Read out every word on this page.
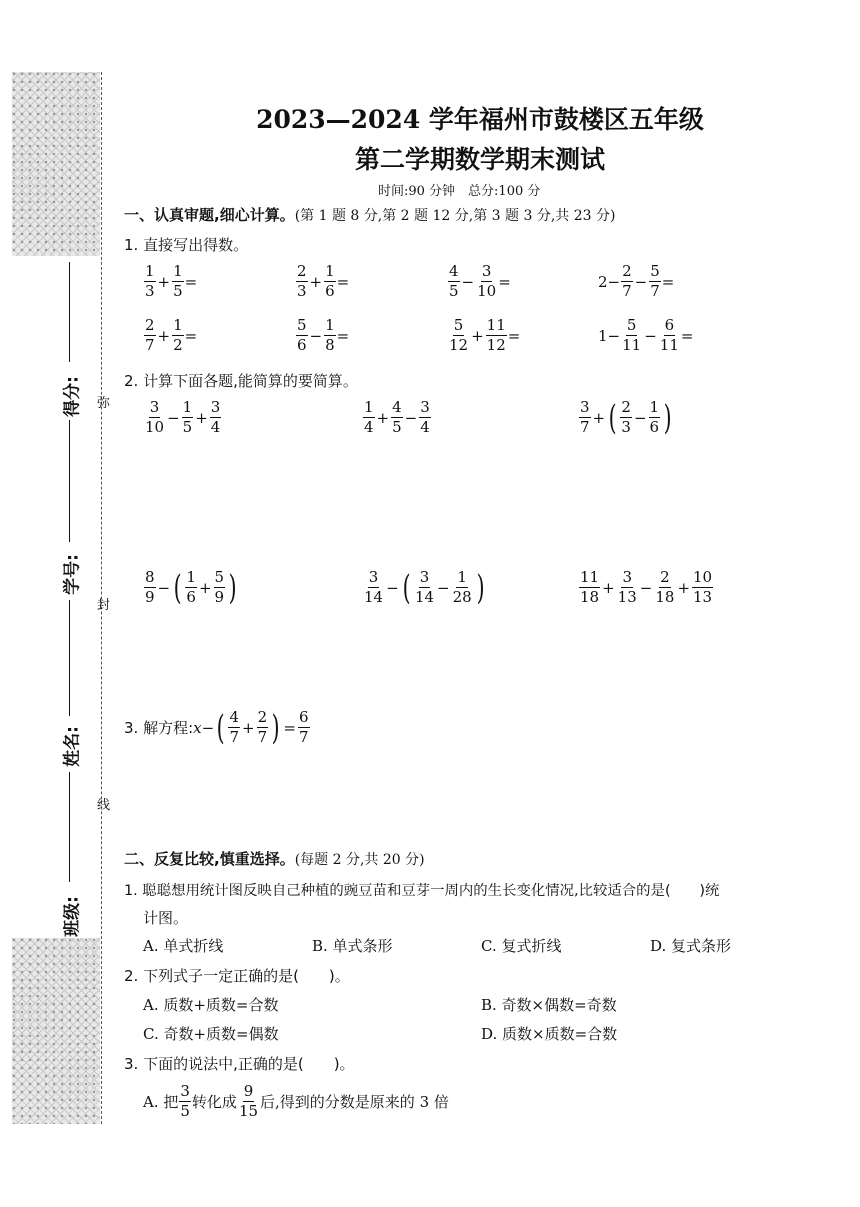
得分:
学号:
姓名:
班级:
弥
封
线
2023—2024 学年福州市鼓楼区五年级
第二学期数学期末测试
时间:90 分钟　总分:100 分
一、认真审题,细心计算。(第 1 题 8 分,第 2 题 12 分,第 3 题 3 分,共 23 分)
1. 直接写出得数。
$\frac{1}{3} + \frac{1}{5}$ =	$\frac{2}{3} + \frac{1}{6}$ =	$\frac{4}{5} - \frac{3}{10}$ =	$2- \frac{2}{7} - \frac{5}{7}$ =
$\frac{2}{7} + \frac{1}{2}$ =	$\frac{5}{6} - \frac{1}{8}$ =	$\frac{5}{12} + \frac{11}{12}$ =	$1- \frac{5}{11} - \frac{6}{11}$ =
2. 计算下面各题,能简算的要简算。
$\frac{3}{10} - \frac{1}{5} + \frac{3}{4}$	$\frac{1}{4} + \frac{4}{5} - \frac{3}{4}$	$\frac{3}{7}$ + ( $\frac{2}{3} - \frac{1}{6}$ )
$\frac{8}{9}$ − ( $\frac{1}{6} + \frac{5}{9}$ )	$\frac{3}{14}$ − ( $\frac{3}{14} - \frac{1}{28}$ )	$\frac{11}{18} + \frac{3}{13} - \frac{2}{18} + \frac{10}{13}$
3. 解方程: x− ( $\frac{4}{7} + \frac{2}{7}$ ) = $\frac{6}{7}$
二、反复比较,慎重选择。(每题 2 分,共 20 分)
1. 聪聪想用统计图反映自己种植的豌豆苗和豆芽一周内的生长变化情况,比较适合的是(　　)统
计图。
A. 单式折线	B. 单式条形	C. 复式折线	D. 复式条形
2. 下列式子一定正确的是(　　)。
A. 质数+质数=合数	B. 奇数×偶数=奇数
C. 奇数+质数=偶数	D. 质数×质数=合数
3. 下面的说法中,正确的是(　　)。
A. 把 $\frac{3}{5}$ 转化成 $\frac{9}{15}$ 后,得到的分数是原来的 3 倍
